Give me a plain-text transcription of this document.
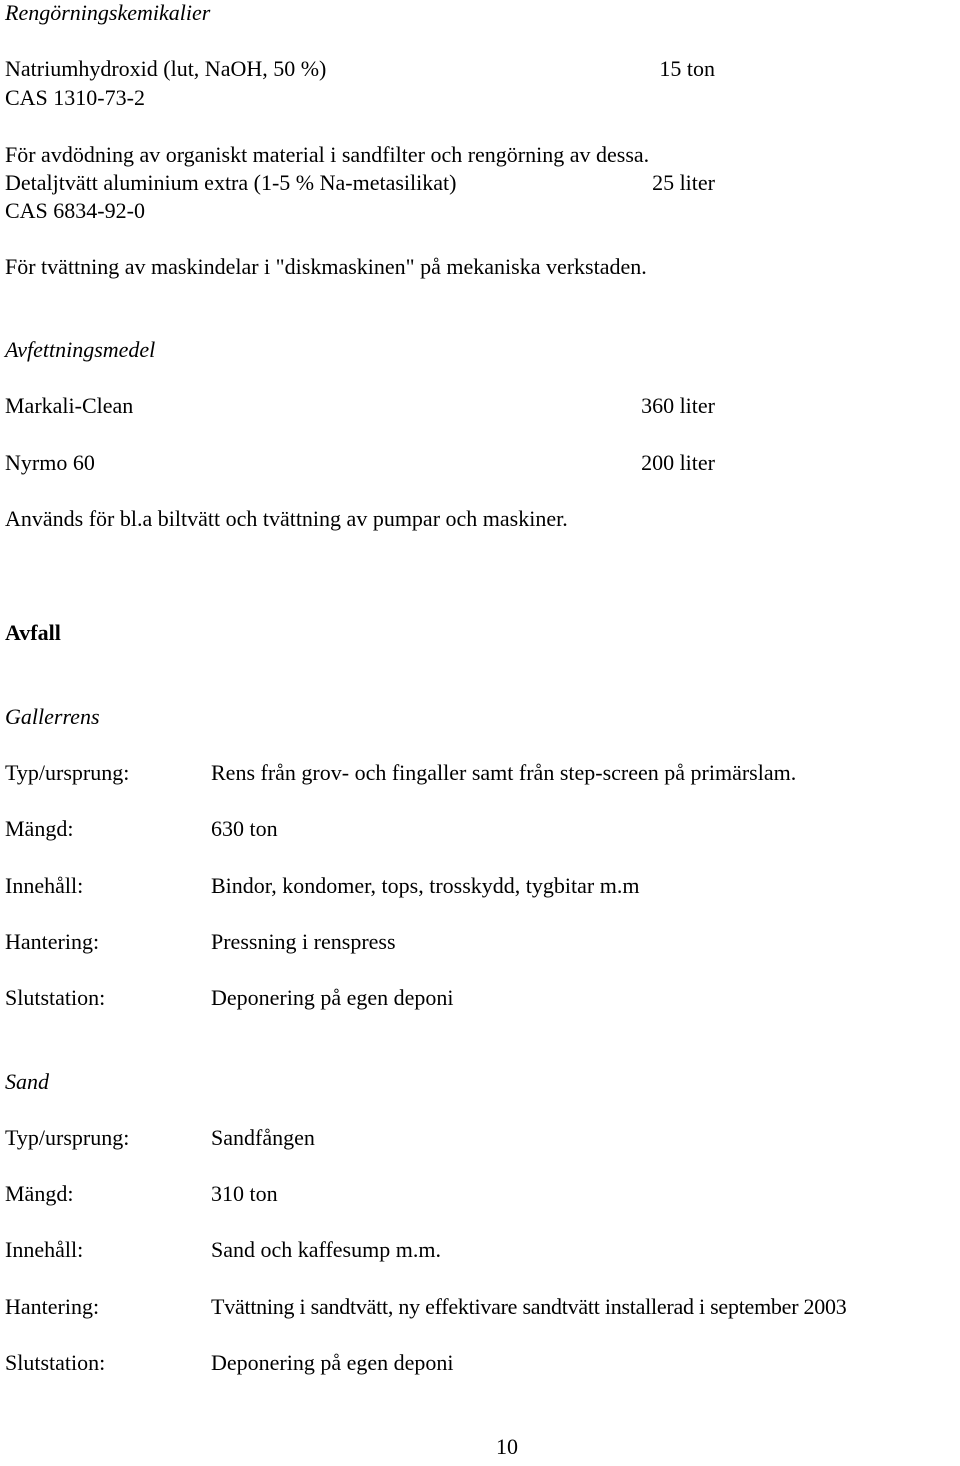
Rengörningskemikalier
Natriumhydroxid (lut, NaOH, 50 %)	15 ton
CAS 1310-73-2
För avdödning av organiskt material i sandfilter och rengörning av dessa.
Detaljtvätt aluminium extra (1-5 % Na-metasilikat)	25 liter
CAS 6834-92-0
För tvättning av maskindelar i "diskmaskinen" på mekaniska verkstaden.
Avfettningsmedel
Markali-Clean	360 liter
Nyrmo 60	200 liter
Används för bl.a biltvätt och tvättning av pumpar och maskiner.
Avfall
Gallerrens
Typ/ursprung:	Rens från grov- och fingaller samt från step-screen på primärslam.
Mängd:	630 ton
Innehåll:	Bindor, kondomer, tops, trosskydd, tygbitar m.m
Hantering:	Pressning i renspress
Slutstation:	Deponering på egen deponi
Sand
Typ/ursprung:	Sandfången
Mängd:	310 ton
Innehåll:	Sand och kaffesump m.m.
Hantering:	Tvättning i sandtvätt, ny effektivare sandtvätt installerad i september 2003
Slutstation:	Deponering på egen deponi
10
